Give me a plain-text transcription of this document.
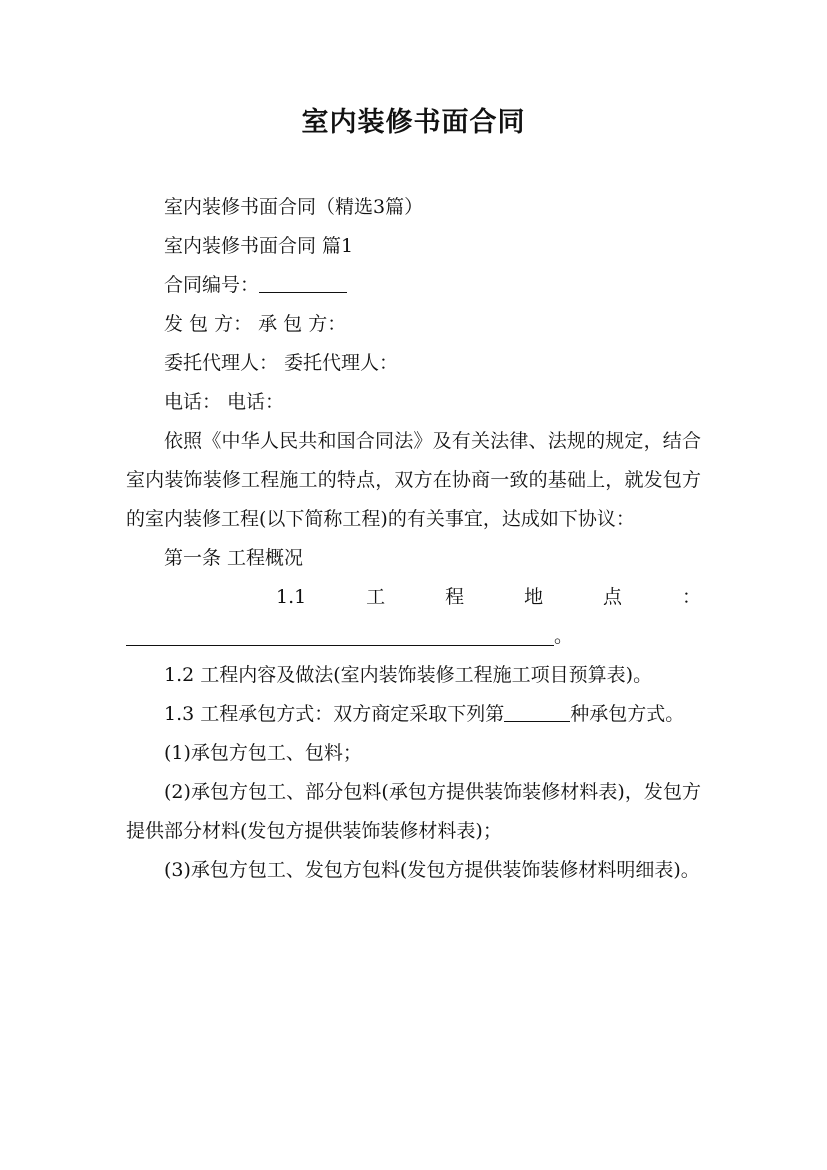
室内装修书面合同

室内装修书面合同（精选3篇）

室内装修书面合同 篇1

合同编号：

发 包 方： 承 包 方：

委托代理人： 委托代理人：

电话： 电话：

依照《中华人民共和国合同法》及有关法律、法规的规定，结合室内装饰装修工程施工的特点，双方在协商一致的基础上，就发包方的室内装修工程(以下简称工程)的有关事宜，达成如下协议：

第一条 工程概况

1.1	工	程	地	点	：

。

1.2 工程内容及做法(室内装饰装修工程施工项目预算表)。

1.3 工程承包方式：双方商定采取下列第	种承包方式。

(1)承包方包工、包料；

(2)承包方包工、部分包料(承包方提供装饰装修材料表)，发包方提供部分材料(发包方提供装饰装修材料表)；

(3)承包方包工、发包方包料(发包方提供装饰装修材料明细表)。
